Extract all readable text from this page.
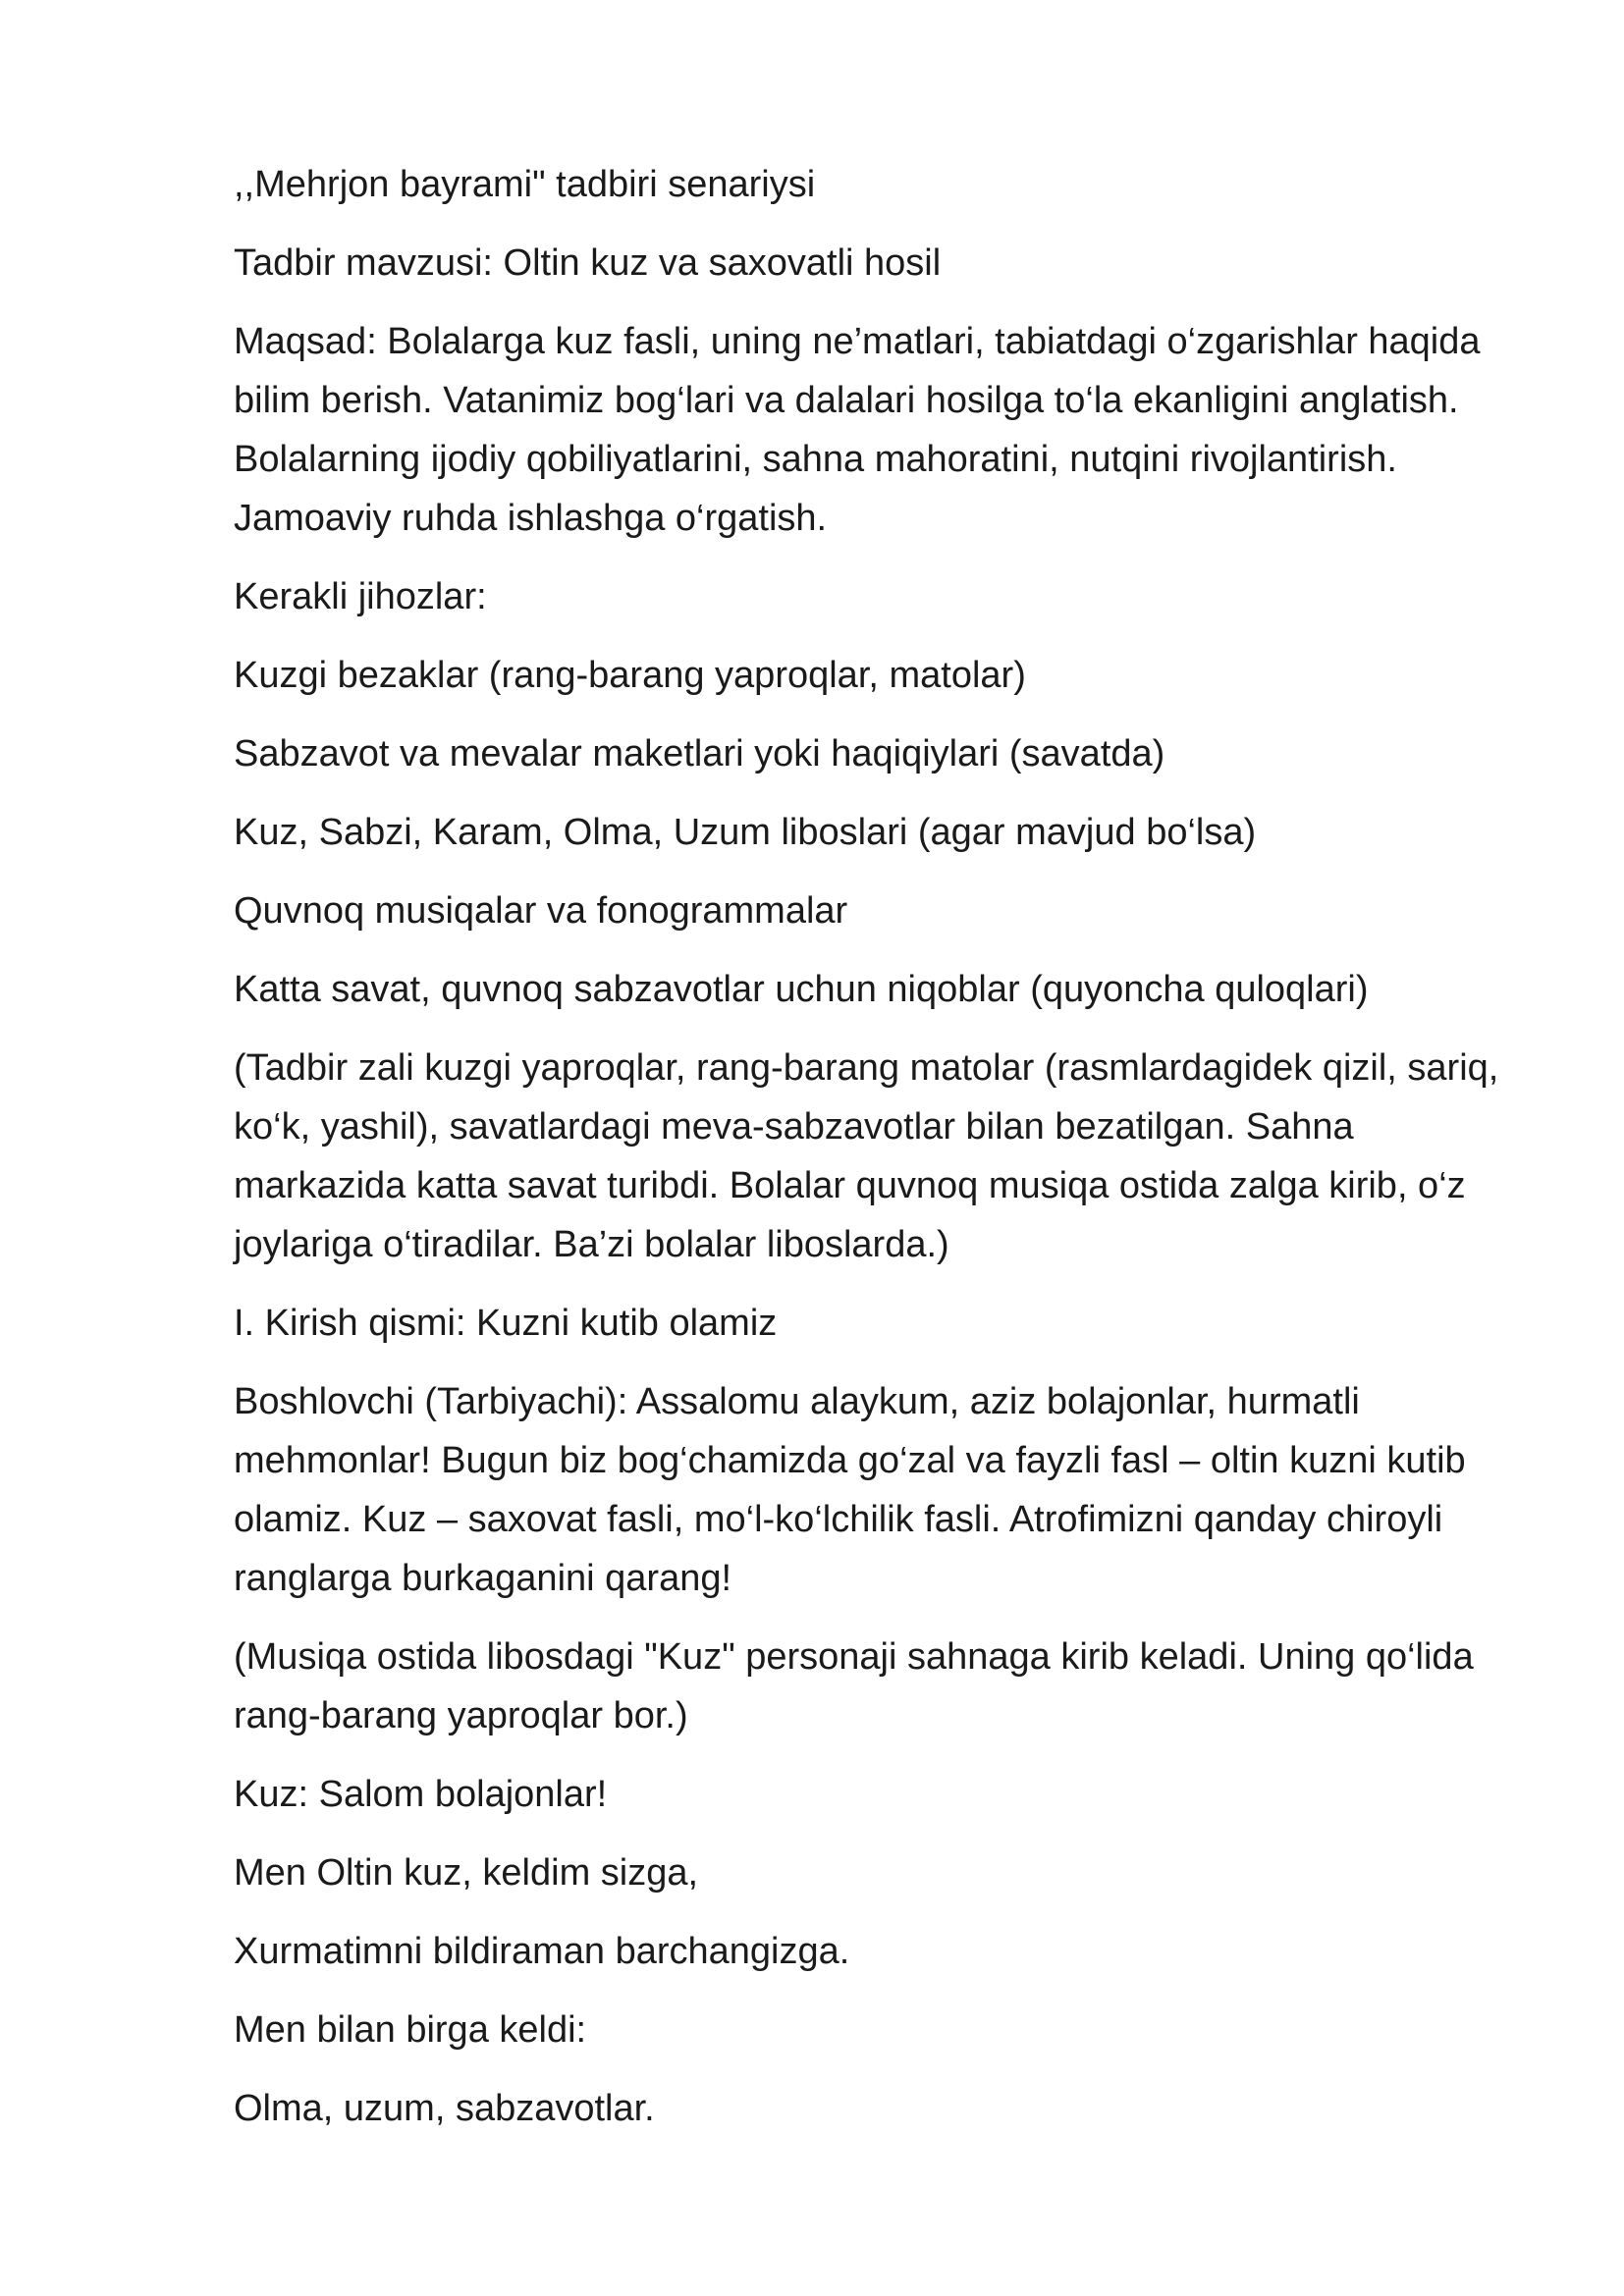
,,Mehrjon bayrami" tadbiri senariysi

Tadbir mavzusi: Oltin kuz va saxovatli hosil

Maqsad: Bolalarga kuz fasli, uning ne’matlari, tabiatdagi o‘zgarishlar haqida bilim berish. Vatanimiz bog‘lari va dalalari hosilga to‘la ekanligini anglatish. Bolalarning ijodiy qobiliyatlarini, sahna mahoratini, nutqini rivojlantirish. Jamoaviy ruhda ishlashga o‘rgatish.

Kerakli jihozlar:

Kuzgi bezaklar (rang-barang yaproqlar, matolar)

Sabzavot va mevalar maketlari yoki haqiqiylari (savatda)

Kuz, Sabzi, Karam, Olma, Uzum liboslari (agar mavjud bo‘lsa)

Quvnoq musiqalar va fonogrammalar

Katta savat, quvnoq sabzavotlar uchun niqoblar (quyoncha quloqlari)

(Tadbir zali kuzgi yaproqlar, rang-barang matolar (rasmlardagidek qizil, sariq, ko‘k, yashil), savatlardagi meva-sabzavotlar bilan bezatilgan. Sahna markazida katta savat turibdi. Bolalar quvnoq musiqa ostida zalga kirib, o‘z joylariga o‘tiradilar. Ba’zi bolalar liboslarda.)

I. Kirish qismi: Kuzni kutib olamiz

Boshlovchi (Tarbiyachi): Assalomu alaykum, aziz bolajonlar, hurmatli mehmonlar! Bugun biz bog‘chamizda go‘zal va fayzli fasl – oltin kuzni kutib olamiz. Kuz – saxovat fasli, mo‘l-ko‘lchilik fasli. Atrofimizni qanday chiroyli ranglarga burkaganini qarang!

(Musiqa ostida libosdagi "Kuz" personaji sahnaga kirib keladi. Uning qo‘lida rang-barang yaproqlar bor.)

Kuz: Salom bolajonlar!

Men Oltin kuz, keldim sizga,

Xurmatimni bildiraman barchangizga.

Men bilan birga keldi:

Olma, uzum, sabzavotlar.
